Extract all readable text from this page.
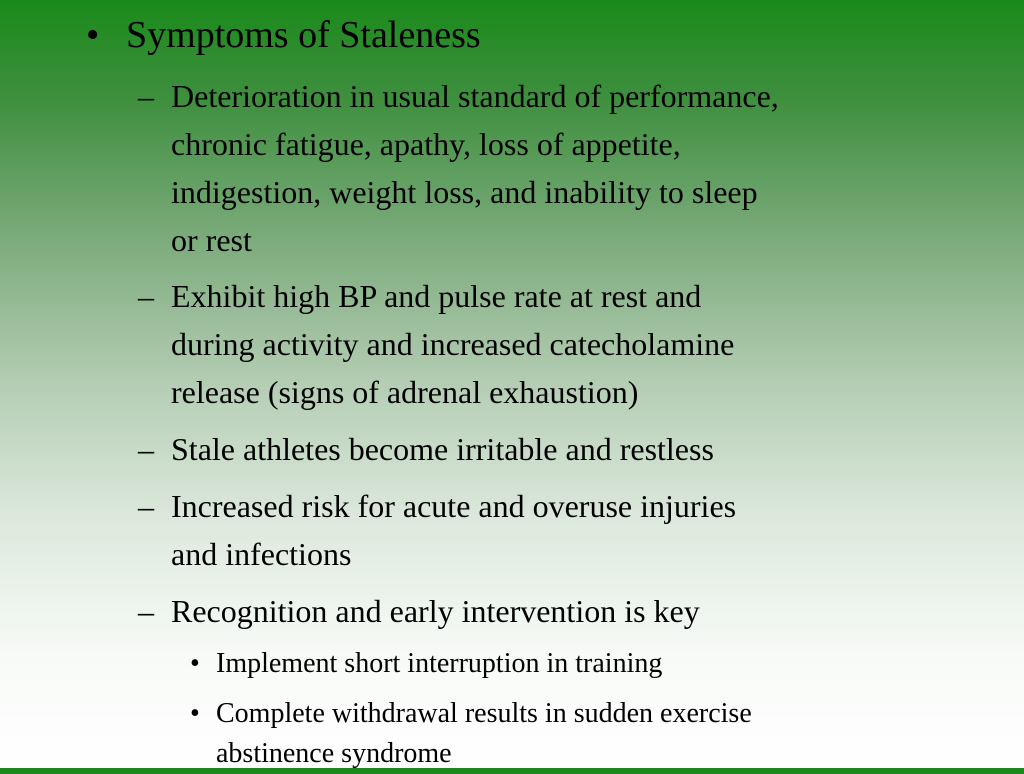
• Symptoms of Staleness
– Deterioration in usual standard of performance,
chronic fatigue, apathy, loss of appetite,
indigestion, weight loss, and inability to sleep
or rest
– Exhibit high BP and pulse rate at rest and
during activity and increased catecholamine
release (signs of adrenal exhaustion)
– Stale athletes become irritable and restless
– Increased risk for acute and overuse injuries
and infections
– Recognition and early intervention is key
• Implement short interruption in training
• Complete withdrawal results in sudden exercise
abstinence syndrome
